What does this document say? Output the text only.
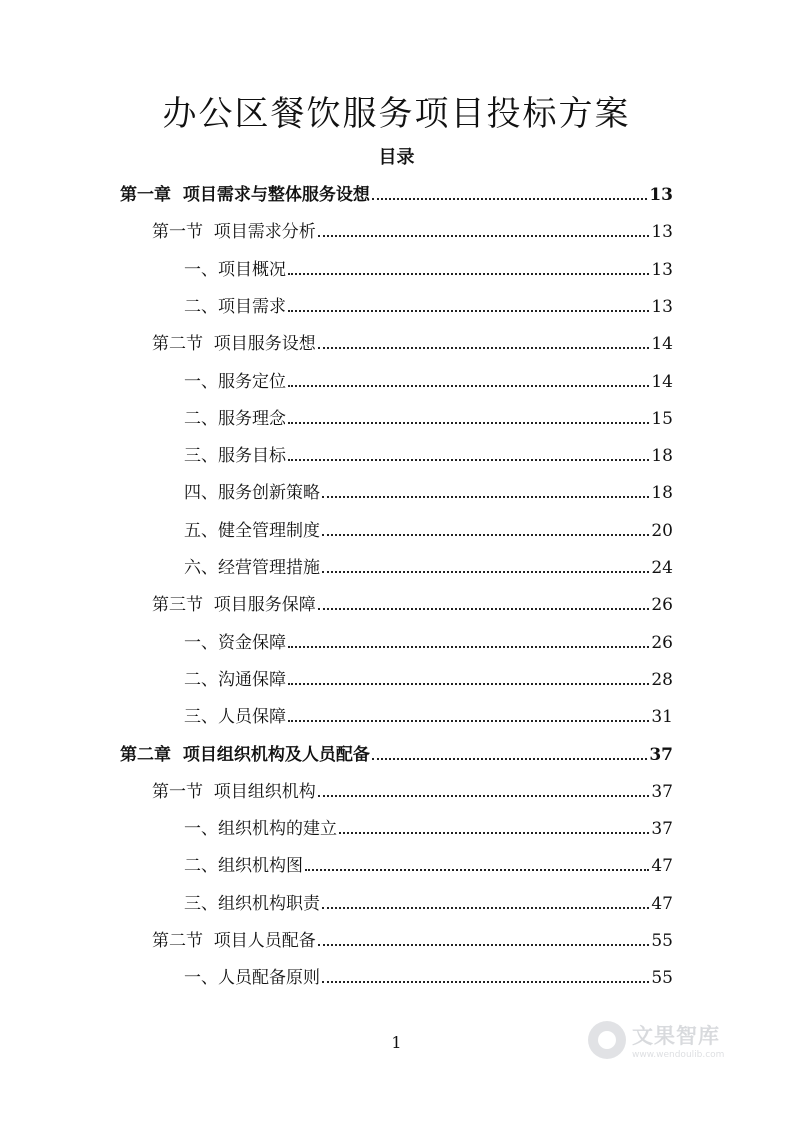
办公区餐饮服务项目投标方案
目录
第一章  项目需求与整体服务设想	13
第一节  项目需求分析	13
一、项目概况	13
二、项目需求	13
第二节  项目服务设想	14
一、服务定位	14
二、服务理念	15
三、服务目标	18
四、服务创新策略	18
五、健全管理制度	20
六、经营管理措施	24
第三节  项目服务保障	26
一、资金保障	26
二、沟通保障	28
三、人员保障	31
第二章  项目组织机构及人员配备	37
第一节  项目组织机构	37
一、组织机构的建立	37
二、组织机构图	47
三、组织机构职责	47
第二节  项目人员配备	55
一、人员配备原则	55
1	文果智库
www.wendoulib.com
